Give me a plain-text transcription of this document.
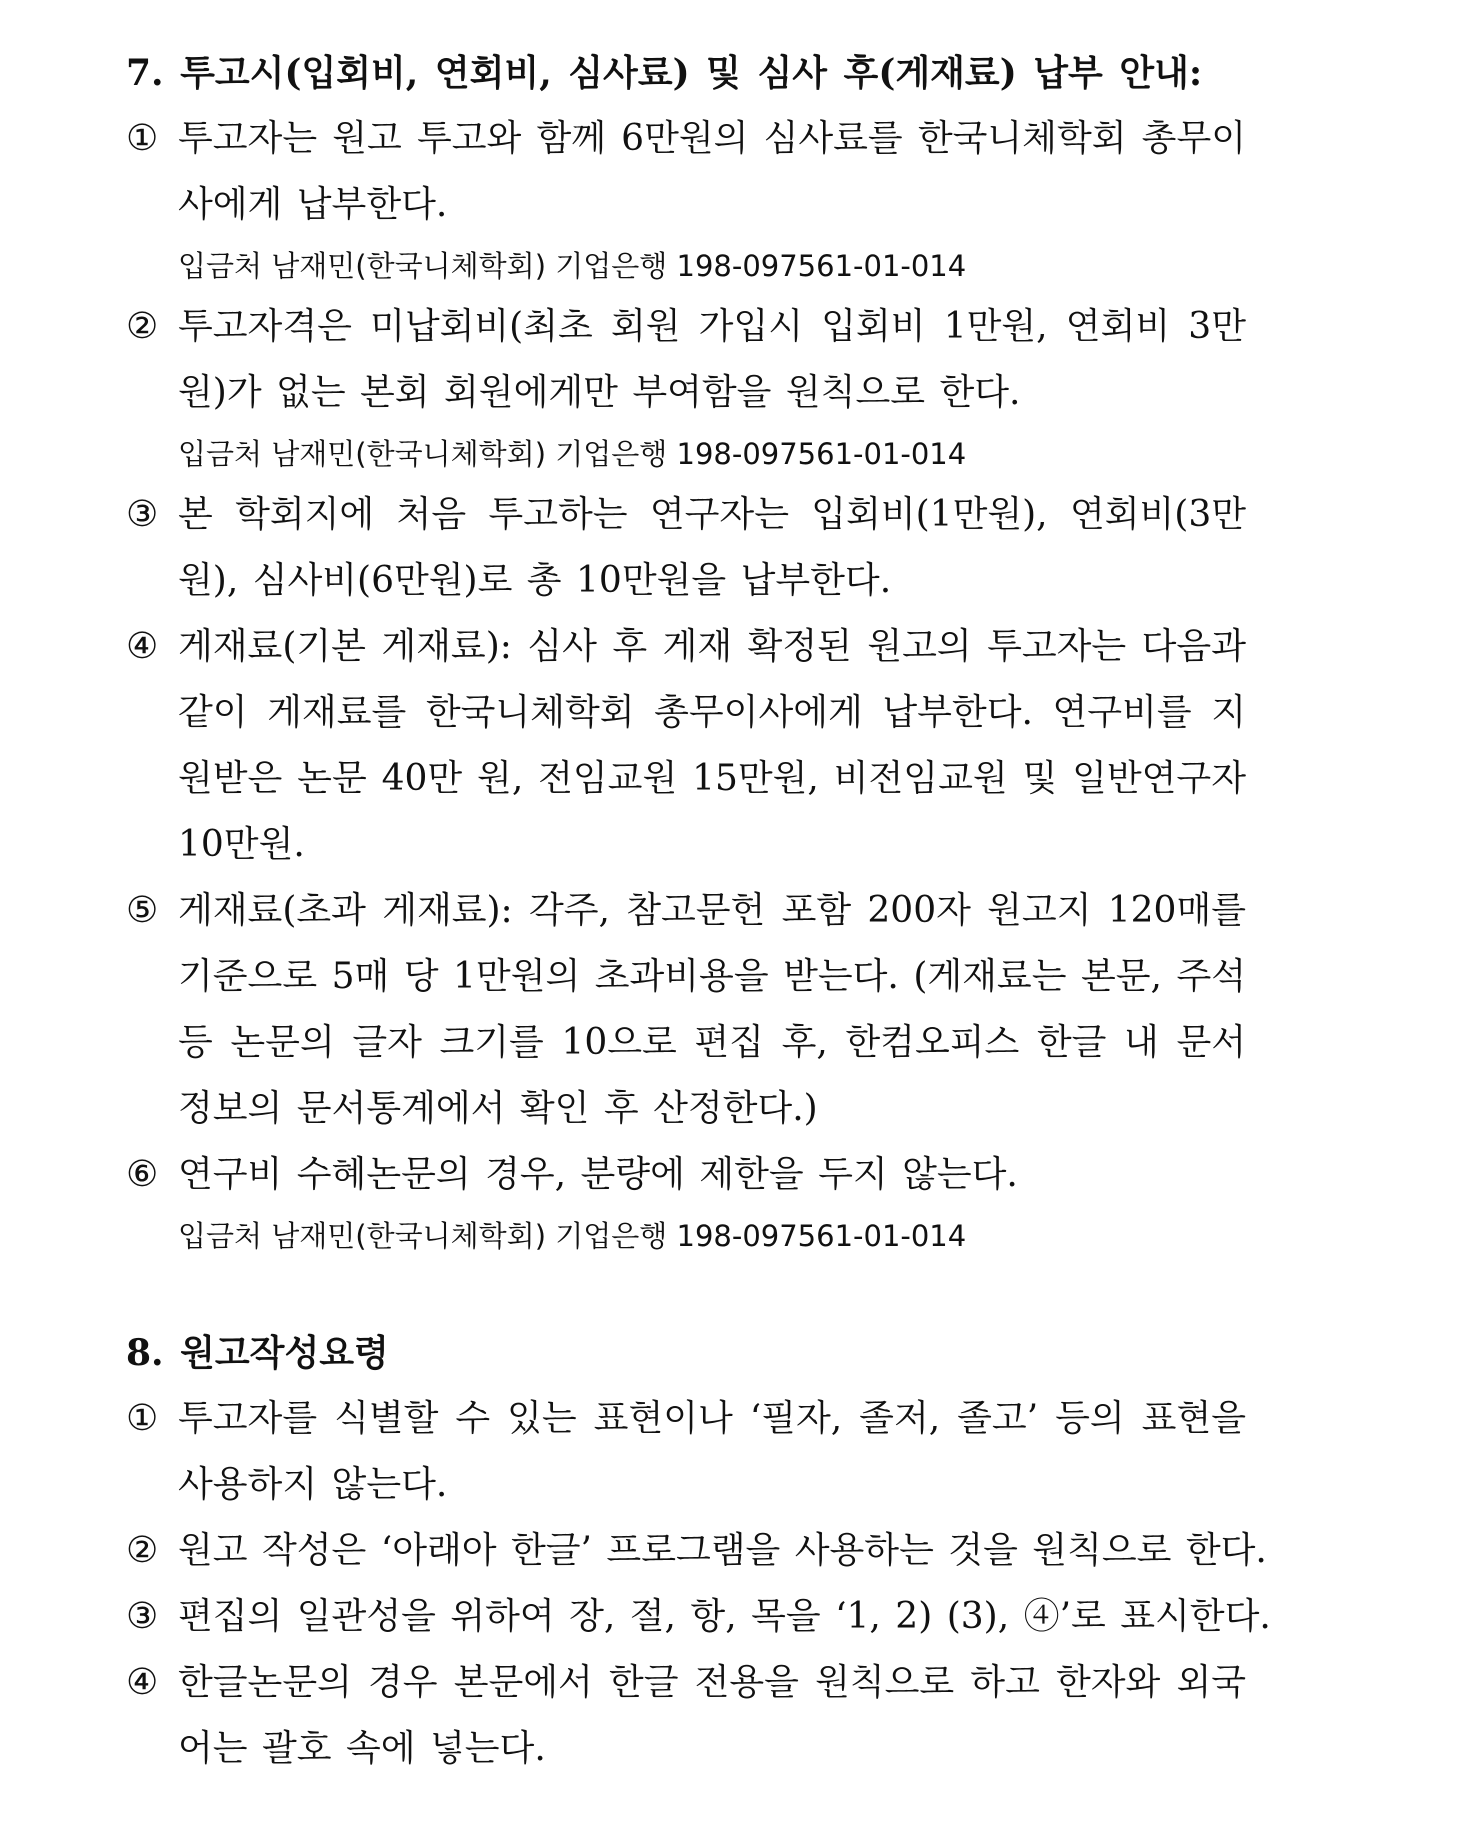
7. 투고시(입회비, 연회비, 심사료) 및 심사 후(게재료) 납부 안내:
① 투고자는 원고 투고와 함께 6만원의 심사료를 한국니체학회 총무이사에게 납부한다.
입금처 남재민(한국니체학회) 기업은행 198-097561-01-014
② 투고자격은 미납회비(최초 회원 가입시 입회비 1만원, 연회비 3만원)가 없는 본회 회원에게만 부여함을 원칙으로 한다.
입금처 남재민(한국니체학회) 기업은행 198-097561-01-014
③ 본 학회지에 처음 투고하는 연구자는 입회비(1만원), 연회비(3만원), 심사비(6만원)로 총 10만원을 납부한다.
④ 게재료(기본 게재료): 심사 후 게재 확정된 원고의 투고자는 다음과 같이 게재료를 한국니체학회 총무이사에게 납부한다. 연구비를 지원받은 논문 40만 원, 전임교원 15만원, 비전임교원 및 일반연구자 10만원.
⑤ 게재료(초과 게재료): 각주, 참고문헌 포함 200자 원고지 120매를 기준으로 5매 당 1만원의 초과비용을 받는다. (게재료는 본문, 주석 등 논문의 글자 크기를 10으로 편집 후, 한컴오피스 한글 내 문서정보의 문서통계에서 확인 후 산정한다.)
⑥ 연구비 수혜논문의 경우, 분량에 제한을 두지 않는다.
입금처 남재민(한국니체학회) 기업은행 198-097561-01-014
8. 원고작성요령
① 투고자를 식별할 수 있는 표현이나 ‘필자, 졸저, 졸고’ 등의 표현을 사용하지 않는다.
② 원고 작성은 ‘아래아 한글’ 프로그램을 사용하는 것을 원칙으로 한다.
③ 편집의 일관성을 위하여 장, 절, 항, 목을 ‘1, 2) (3), ④’로 표시한다.
④ 한글논문의 경우 본문에서 한글 전용을 원칙으로 하고 한자와 외국어는 괄호 속에 넣는다.
